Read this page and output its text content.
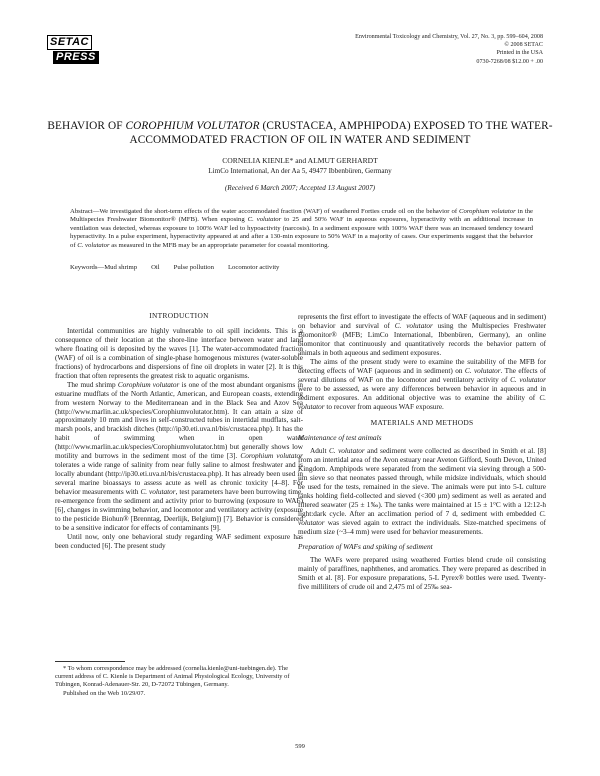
SETAC
PRESS
Environmental Toxicology and Chemistry, Vol. 27, No. 3, pp. 599–604, 2008
© 2008 SETAC
Printed in the USA
0730-7268/08 $12.00 + .00
BEHAVIOR OF COROPHIUM VOLUTATOR (CRUSTACEA, AMPHIPODA) EXPOSED TO THE WATER-ACCOMMODATED FRACTION OF OIL IN WATER AND SEDIMENT
CORNELIA KIENLE* and ALMUT GERHARDT
LimCo International, An der Aa 5, 49477 Ibbenbüren, Germany
(Received 6 March 2007; Accepted 13 August 2007)

Abstract—We investigated the short-term effects of the water accommodated fraction (WAF) of weathered Forties crude oil on the behavior of Corophium volutator in the Multispecies Freshwater Biomonitor® (MFB). When exposing C. volutator to 25 and 50% WAF in aqueous exposures, hyperactivity with an additional increase in ventilation was detected, whereas exposure to 100% WAF led to hypoactivity (narcosis). In a sediment exposure with 100% WAF there was an increased tendency toward hyperactivity. In a pulse experiment, hyperactivity appeared at and after a 130-min exposure to 50% WAF in a majority of cases. Our experiments suggest that the behavior of C. volutator as measured in the MFB may be an appropriate parameter for coastal monitoring.

Keywords—Mud shrimp Oil Pulse pollution Locomotor activity
INTRODUCTION

Intertidal communities are highly vulnerable to oil spill incidents. This is a consequence of their location at the shore-line interface between water and land where floating oil is deposited by the waves [1]. The water-accommodated fraction (WAF) of oil is a combination of single-phase homogenous mixtures (water-soluble fractions) of hydrocarbons and dispersions of fine oil droplets in water [2]. It is this fraction that often represents the greatest risk to aquatic organisms.

The mud shrimp Corophium volutator is one of the most abundant organisms in estuarine mudflats of the North Atlantic, American, and European coasts, extending from western Norway to the Mediterranean and in the Black Sea and Azov Sea (http://www.marlin.ac.uk/species/Corophiumvolutator.htm). It can attain a size of approximately 10 mm and lives in self-constructed tubes in intertidal mudflats, salt-marsh pools, and brackish ditches (http://ip30.eti.uva.nl/bis/crustacea.php). It has the habit of swimming when in open water (http://www.marlin.ac.uk/species/Corophiumvolutator.htm) but generally shows low motility and burrows in the sediment most of the time [3]. Corophium volutator tolerates a wide range of salinity from near fully saline to almost freshwater and is locally abundant (http://ip30.eti.uva.nl/bis/crustacea.php). It has already been used in several marine bioassays to assess acute as well as chronic toxicity [4–8]. For behavior measurements with C. volutator, test parameters have been burrowing time, re-emergence from the sediment and activity prior to burrowing (exposure to WAF) [6], changes in swimming behavior, and locomotor and ventilatory activity (exposure to the pesticide Biohun® [Brenntag, Deerlijk, Belgium]) [7]. Behavior is considered to be a sensitive indicator for effects of contaminants [9].

Until now, only one behavioral study regarding WAF sediment exposure has been conducted [6]. The present study

represents the first effort to investigate the effects of WAF (aqueous and in sediment) on behavior and survival of C. volutator using the Multispecies Freshwater Biomonitor® (MFB; LimCo International, Ibbenbüren, Germany), an online biomonitor that continuously and quantitatively records the behavior pattern of animals in both aqueous and sediment exposures.

The aims of the present study were to examine the suitability of the MFB for detecting effects of WAF (aqueous and in sediment) on C. volutator. The effects of several dilutions of WAF on the locomotor and ventilatory activity of C. volutator were to be assessed, as were any differences between behavior in aqueous and in sediment exposures. An additional objective was to examine the ability of C. volutator to recover from aqueous WAF exposure.

MATERIALS AND METHODS
Maintenance of test animals

Adult C. volutator and sediment were collected as described in Smith et al. [8] from an intertidal area of the Avon estuary near Aveton Gifford, South Devon, United Kingdom. Amphipods were separated from the sediment via sieving through a 500-μm sieve so that neonates passed through, while midsize individuals, which should be used for the tests, remained in the sieve. The animals were put into 5-L culture tanks holding field-collected and sieved (<300 μm) sediment as well as aerated and filtered seawater (25 ± 1‰). The tanks were maintained at 15 ± 1°C with a 12:12-h light:dark cycle. After an acclimation period of 7 d, sediment with embedded C. volutator was sieved again to extract the individuals. Size-matched specimens of medium size (~3–4 mm) were used for behavior measurements.

Preparation of WAFs and spiking of sediment

The WAFs were prepared using weathered Forties blend crude oil consisting mainly of paraffines, naphthenes, and aromatics. They were prepared as described in Smith et al. [8]. For exposure preparations, 5-L Pyrex® bottles were used. Twenty-five milliliters of crude oil and 2,475 ml of 25‰ sea-

* To whom correspondence may be addressed (cornelia.kienle@uni-tuebingen.de). The current address of C. Kienle is Department of Animal Physiological Ecology, University of Tübingen, Konrad-Adenauer-Str. 20, D-72072 Tübingen, Germany.

Published on the Web 10/29/07.

599
